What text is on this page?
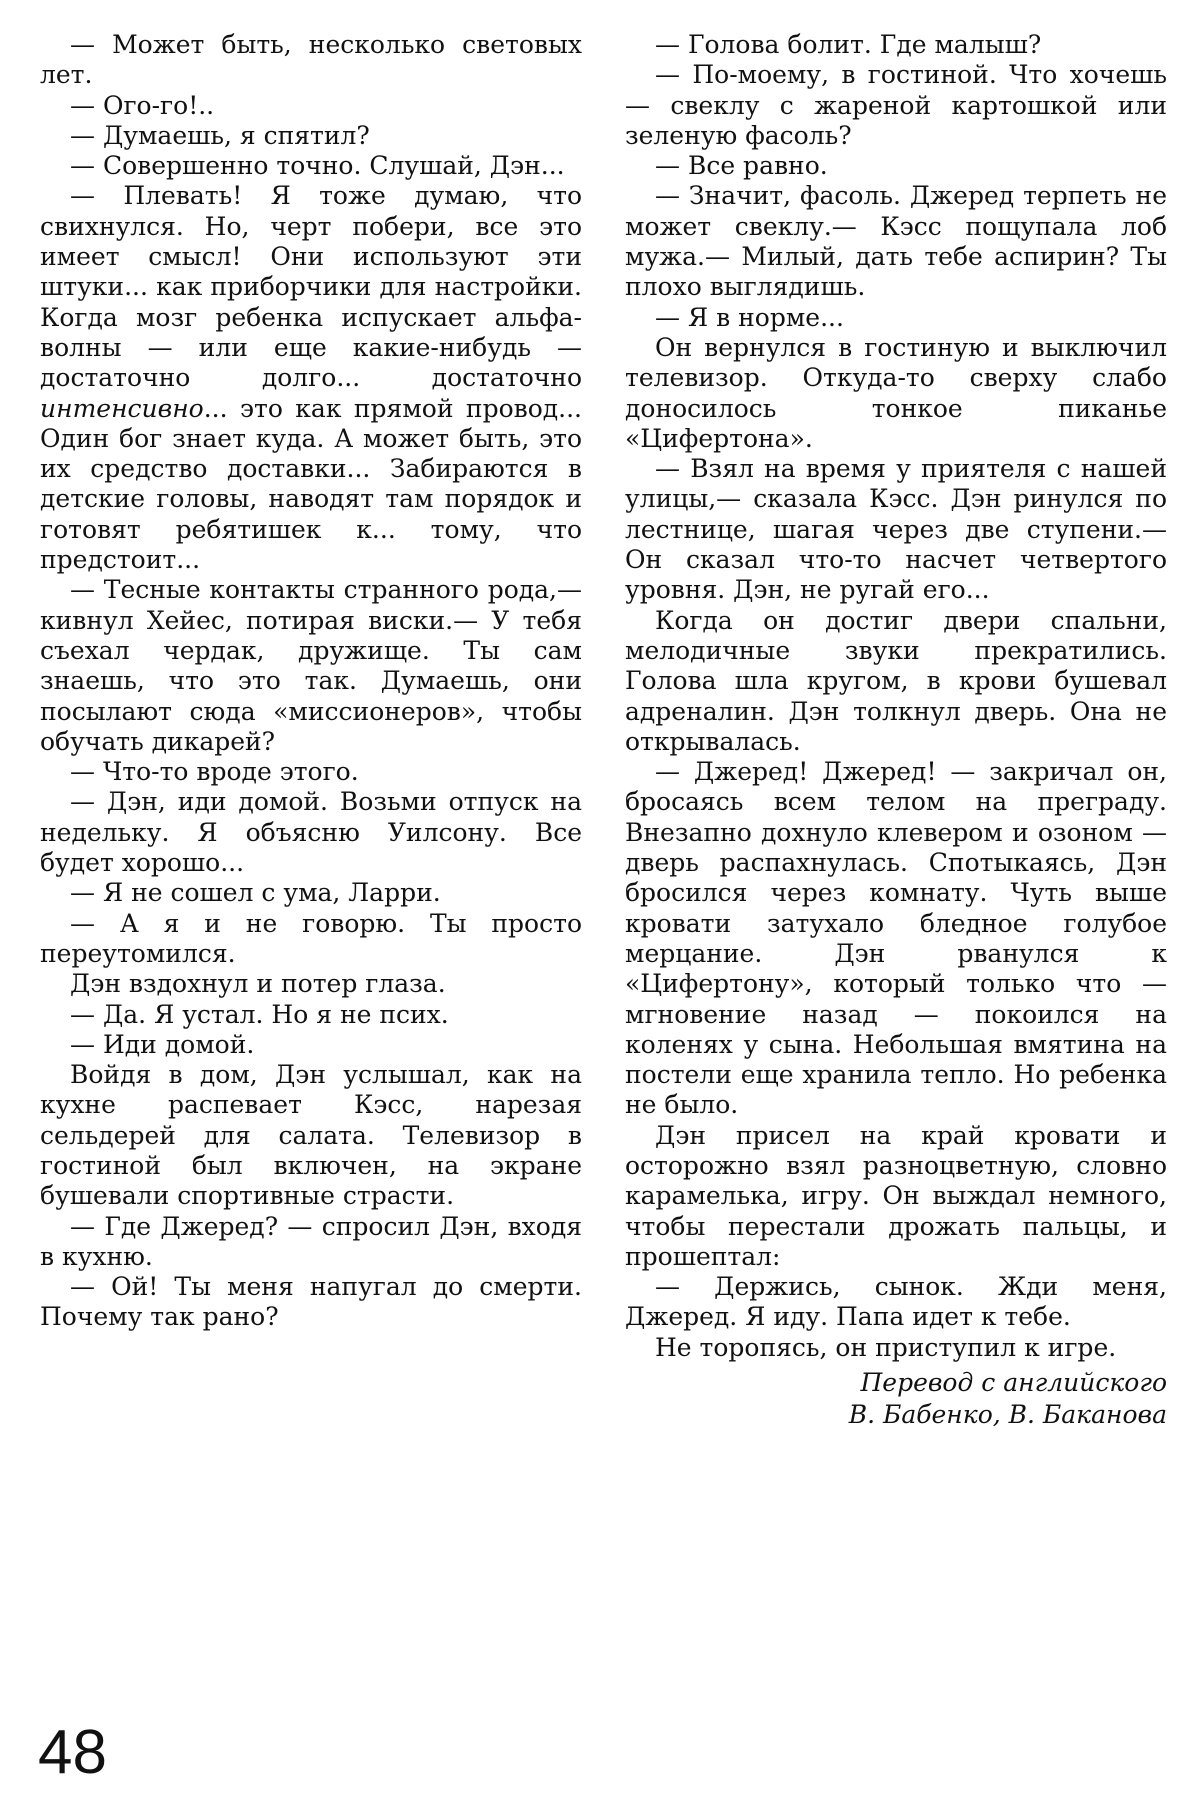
— Может быть, несколько световых лет.

— Ого-го!..

— Думаешь, я спятил?

— Совершенно точно. Слушай, Дэн...

— Плевать! Я тоже думаю, что свихнулся. Но, черт побери, все это имеет смысл! Они используют эти штуки... как приборчики для настройки. Когда мозг ребенка испускает альфа-волны — или еще какие-нибудь — достаточно долго... достаточно интенсивно... это как прямой провод... Один бог знает куда. А может быть, это их средство доставки... Забираются в детские головы, наводят там порядок и готовят ребятишек к... тому, что предстоит...

— Тесные контакты странного рода,— кивнул Хейес, потирая виски.— У тебя съехал чердак, дружище. Ты сам знаешь, что это так. Думаешь, они посылают сюда «миссионеров», чтобы обучать дикарей?

— Что-то вроде этого.

— Дэн, иди домой. Возьми отпуск на недельку. Я объясню Уилсону. Все будет хорошо...

— Я не сошел с ума, Ларри.

— А я и не говорю. Ты просто переутомился.

Дэн вздохнул и потер глаза.

— Да. Я устал. Но я не псих.

— Иди домой.

Войдя в дом, Дэн услышал, как на кухне распевает Кэсс, нарезая сельдерей для салата. Телевизор в гостиной был включен, на экране бушевали спортивные страсти.

— Где Джеред? — спросил Дэн, входя в кухню.

— Ой! Ты меня напугал до смерти. Почему так рано?

— Голова болит. Где малыш?

— По-моему, в гостиной. Что хочешь — свеклу с жареной картошкой или зеленую фасоль?

— Все равно.

— Значит, фасоль. Джеред терпеть не может свеклу.— Кэсс пощупала лоб мужа.— Милый, дать тебе аспирин? Ты плохо выглядишь.

— Я в норме...

Он вернулся в гостиную и выключил телевизор. Откуда-то сверху слабо доносилось тонкое пиканье «Цифертона».

— Взял на время у приятеля с нашей улицы,— сказала Кэсс. Дэн ринулся по лестнице, шагая через две ступени.— Он сказал что-то насчет четвертого уровня. Дэн, не ругай его...

Когда он достиг двери спальни, мелодичные звуки прекратились. Голова шла кругом, в крови бушевал адреналин. Дэн толкнул дверь. Она не открывалась.

— Джеред! Джеред! — закричал он, бросаясь всем телом на преграду. Внезапно дохнуло клевером и озоном — дверь распахнулась. Спотыкаясь, Дэн бросился через комнату. Чуть выше кровати затухало бледное голубое мерцание. Дэн рванулся к «Цифертону», который только что — мгновение назад — покоился на коленях у сына. Небольшая вмятина на постели еще хранила тепло. Но ребенка не было.

Дэн присел на край кровати и осторожно взял разноцветную, словно карамелька, игру. Он выждал немного, чтобы перестали дрожать пальцы, и прошептал:

— Держись, сынок. Жди меня, Джеред. Я иду. Папа идет к тебе.

Не торопясь, он приступил к игре.

Перевод с английского
В. Бабенко, В. Баканова
48
